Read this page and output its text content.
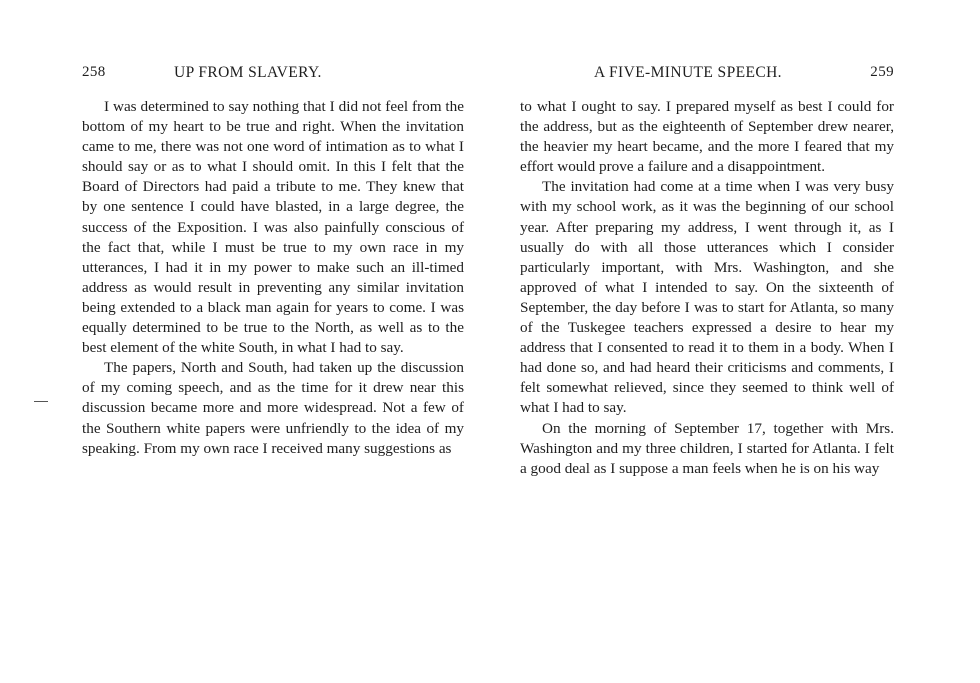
258	UP FROM SLAVERY.

I was determined to say nothing that I did not feel from the bottom of my heart to be true and right. When the invitation came to me, there was not one word of intimation as to what I should say or as to what I should omit. In this I felt that the Board of Directors had paid a tribute to me. They knew that by one sentence I could have blasted, in a large degree, the success of the Exposition. I was also painfully conscious of the fact that, while I must be true to my own race in my utterances, I had it in my power to make such an ill-timed address as would result in preventing any similar invitation being extended to a black man again for years to come. I was equally determined to be true to the North, as well as to the best element of the white South, in what I had to say.

The papers, North and South, had taken up the discussion of my coming speech, and as the time for it drew near this discussion became more and more widespread. Not a few of the Southern white papers were unfriendly to the idea of my speaking. From my own race I received many suggestions as

A FIVE-MINUTE SPEECH.	259

to what I ought to say. I prepared myself as best I could for the address, but as the eighteenth of September drew nearer, the heavier my heart became, and the more I feared that my effort would prove a failure and a disappointment.

The invitation had come at a time when I was very busy with my school work, as it was the beginning of our school year. After preparing my address, I went through it, as I usually do with all those utterances which I consider particularly important, with Mrs. Washington, and she approved of what I intended to say. On the sixteenth of September, the day before I was to start for Atlanta, so many of the Tuskegee teachers expressed a desire to hear my address that I consented to read it to them in a body. When I had done so, and had heard their criticisms and comments, I felt somewhat relieved, since they seemed to think well of what I had to say.

On the morning of September 17, together with Mrs. Washington and my three children, I started for Atlanta. I felt a good deal as I suppose a man feels when he is on his way
